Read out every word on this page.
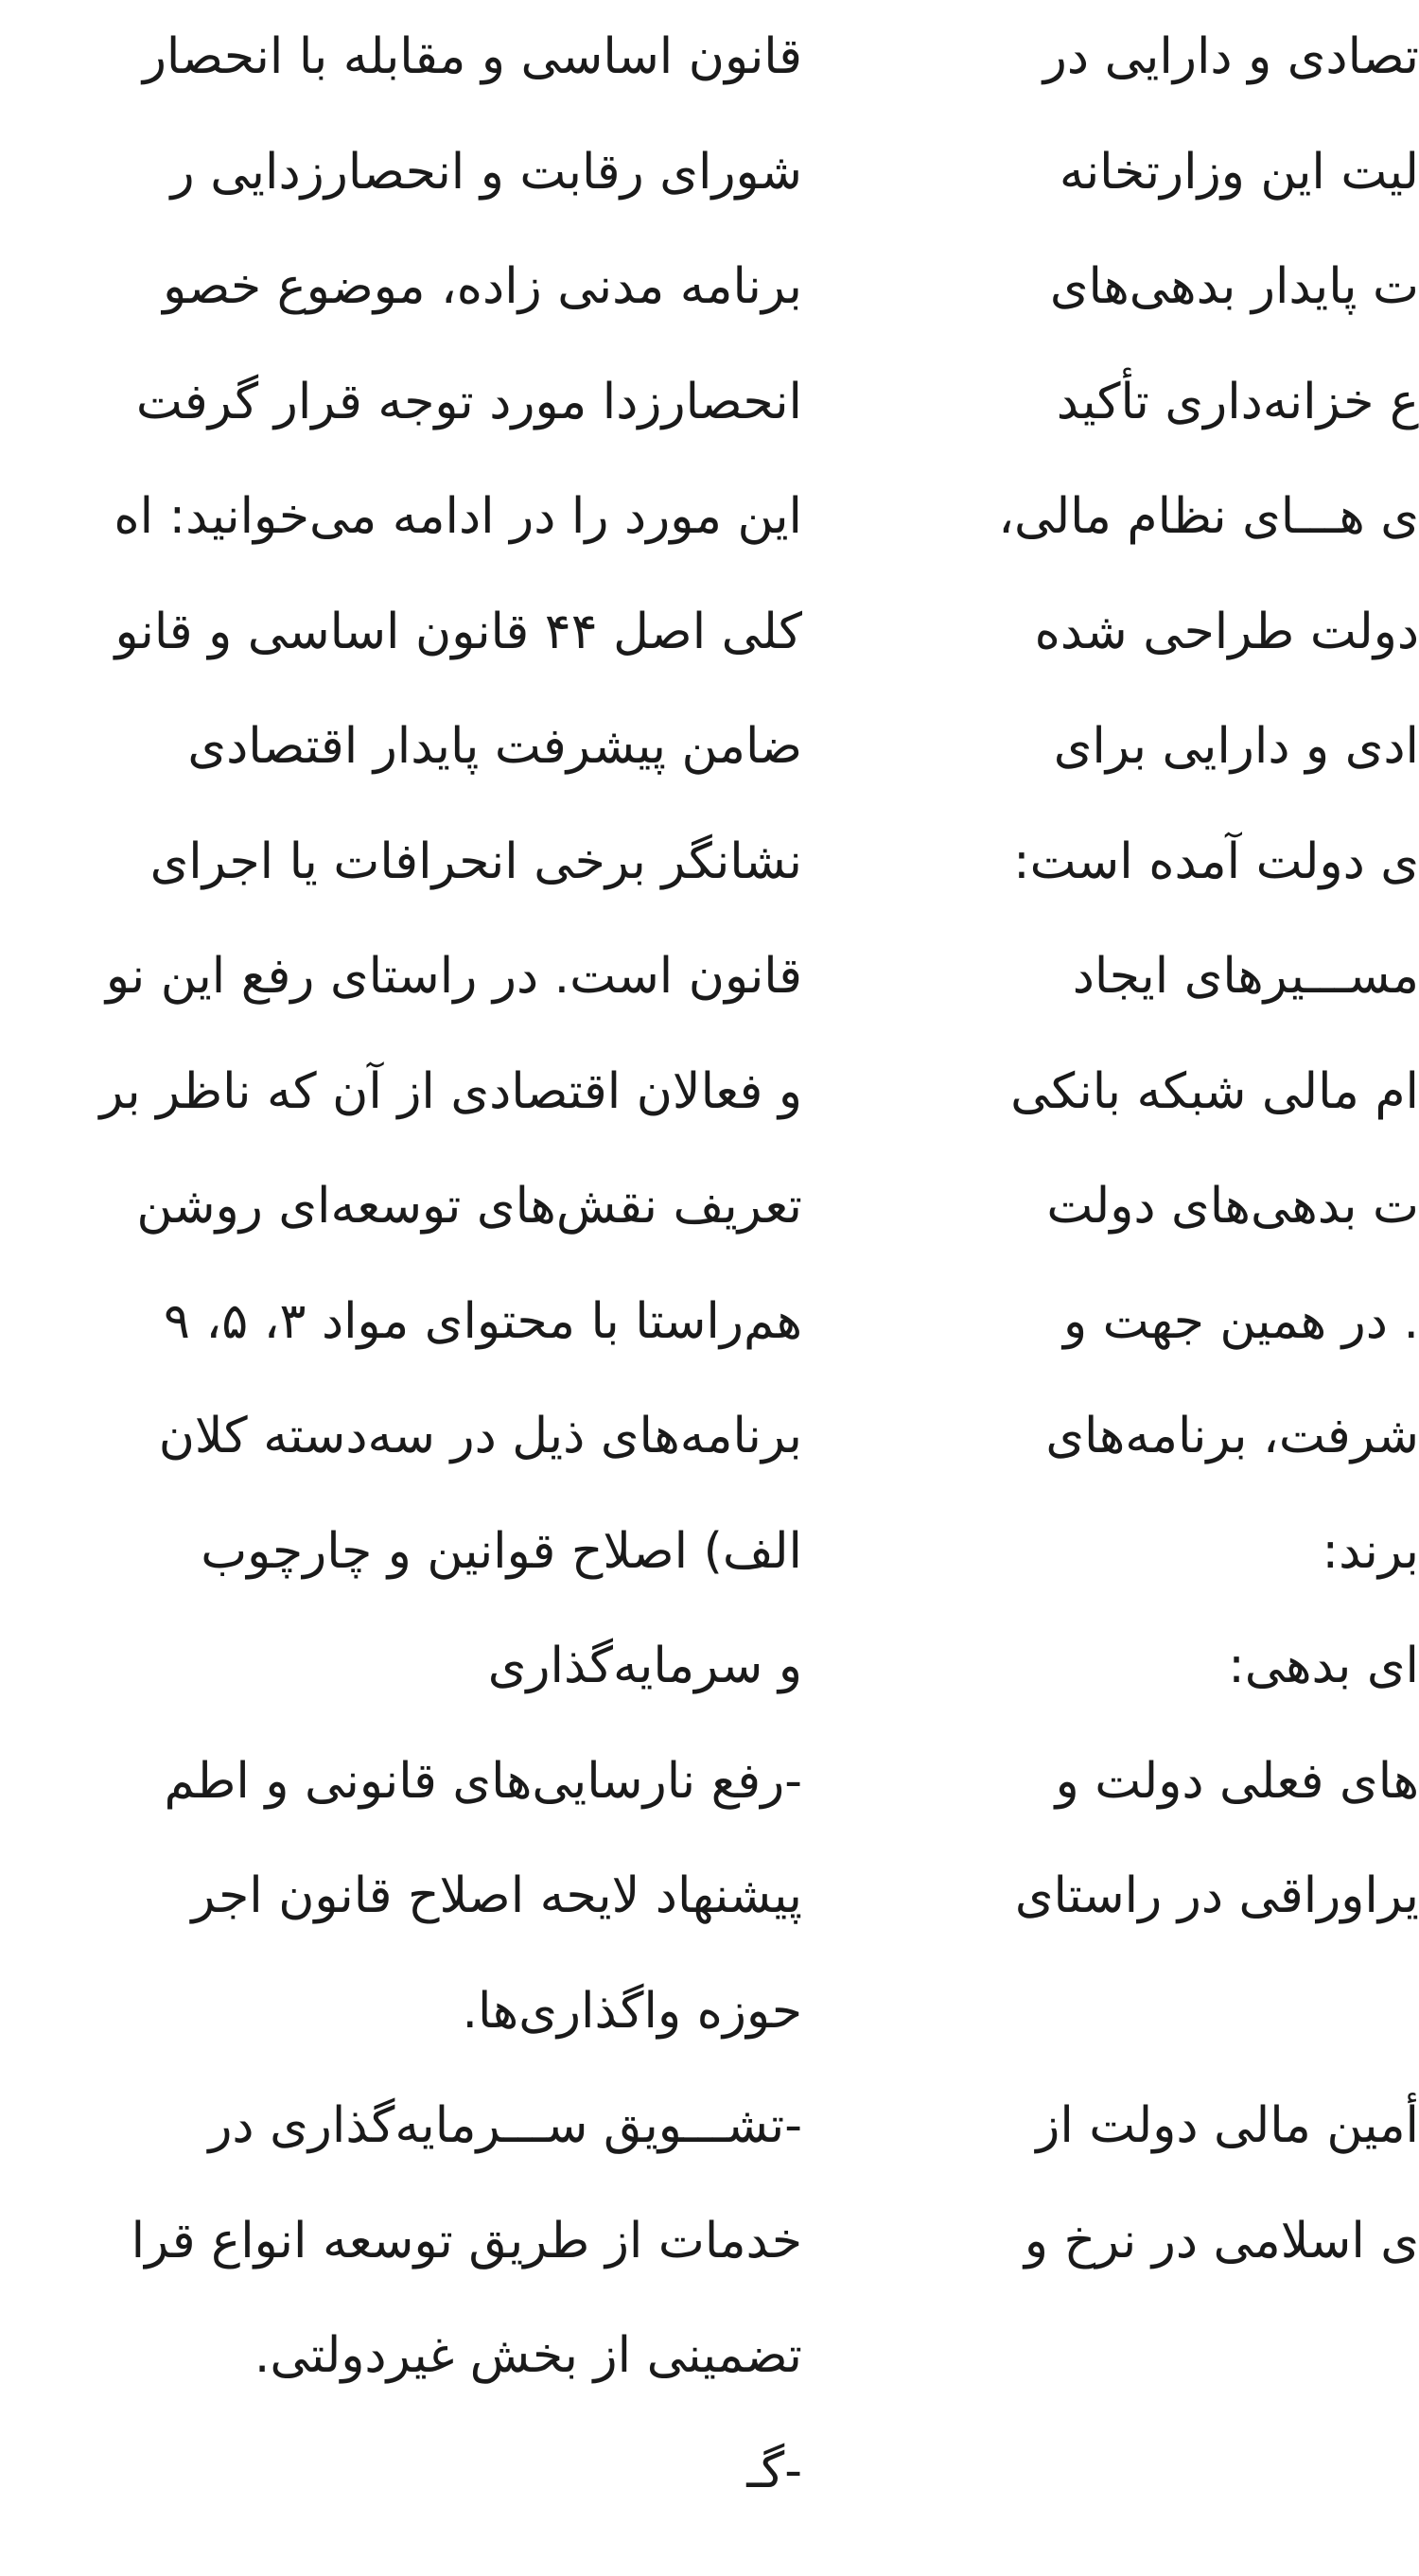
قانون اساسی و مقابله با انحصار
شورای رقابت و انحصارزدایی ر
برنامه مدنی زاده، موضوع خصو
انحصارزدا مورد توجه قرار گرفت
این مورد را در ادامه می‌خوانید: اه
کلی اصل ۴۴ قانون اساسی و قانو
ضامن پیشرفت پایدار اقتصادی
نشانگر برخی انحرافات یا اجرای
قانون است. در راستای رفع این نو
و فعالان اقتصادی از آن که ناظر بر
تعریف نقش‌های توسعه‌ای روشن
هم‌راستا با محتوای مواد ۳، ۵، ۹
برنامه‌های ذیل در سه‌دسته کلان
الف) اصلاح قوانین و چارچوب
و سرمایه‌گذاری
-رفع نارسایی‌های قانونی و اطم
پیشنهاد لایحه اصلاح قانون اجر
حوزه واگذاری‌ها.
-تشـــویق ســـرمایه‌گذاری در
خدمات از طریق توسعه انواع قرا
تضمینی از بخش غیردولتی.
-گـ
تصادی و دارایی در
لیت این وزارتخانه
ت پایدار بدهی‌های
ع خزانه‌داری تأکید
ی هـــای نظام مالی،
دولت طراحی شده
ادی و دارایی برای
ی دولت آمده است:
مســـیرهای ایجاد
ام مالی شبکه بانکی
ت بدهی‌های دولت
. در همین جهت و
شرفت، برنامه‌های
برند:
ای بدهی:
های فعلی دولت و
یراوراقی در راستای
أمین مالی دولت از
ی اسلامی در نرخ و
